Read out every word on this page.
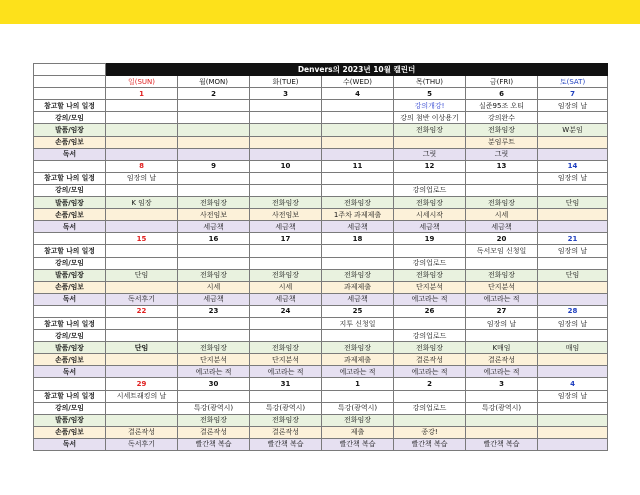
	Denvers의 2023년 10월 캘린더						
	일(SUN)	월(MON)	화(TUE)	수(WED)	목(THU)	금(FRI)	토(SAT)
	1	2	3	4	5	6	7
참고할 나의 일정					강의개강!	실준95조 오티	임장의 날
강의/모임					강의 첨반 이상용기	강의완수	
발품/임장					전화임장	전화임장	W분임
손품/임보						분임루트	
독서					그릿	그릿	
	8	9	10	11	12	13	14
참고할 나의 일정	임장의 날						임장의 날
강의/모임					강의업로드		
발품/임장	K 임장	전화임장	전화임장	전화임장	전화임장	전화임장	단임
손품/임보		사전임보	사전임보	1주차 과제제출	시세시작	시세	
독서		세금책	세금책	세금책	세금책	세금책	
	15	16	17	18	19	20	21
참고할 나의 일정						독서모임 신청일	임장의 날
강의/모임					강의업로드		
발품/임장	단임	전화임장	전화임장	전화임장	전화임장	전화임장	단임
손품/임보		시세	시세	과제제출	단지분석	단지분석	
독서	독서후기	세금책	세금책	세금책	에고라는 적	에고라는 적	
	22	23	24	25	26	27	28
참고할 나의 일정				지투 신청일		임장의 날	임장의 날
강의/모임					강의업로드		
발품/임장	단임	전화임장	전화임장	전화임장	전화임장	K매임	매임
손품/임보		단지분석	단지분석	과제제출	결론작성	결론작성	
독서		에고라는 적	에고라는 적	에고라는 적	에고라는 적	에고라는 적	
	29	30	31	1	2	3	4
참고할 나의 일정	시세트래킹의 날						임장의 날
강의/모임		특강(광역시)	특강(광역시)	특강(광역시)	강의업로드	특강(광역시)	
발품/임장		전화임장	전화임장	전화임장			
손품/임보	결론작성	결론작성	결론작성	제출	종강!		
독서	독서후기	빨간책 복습	빨간책 복습	빨간책 복습	빨간책 복습	빨간책 복습	
